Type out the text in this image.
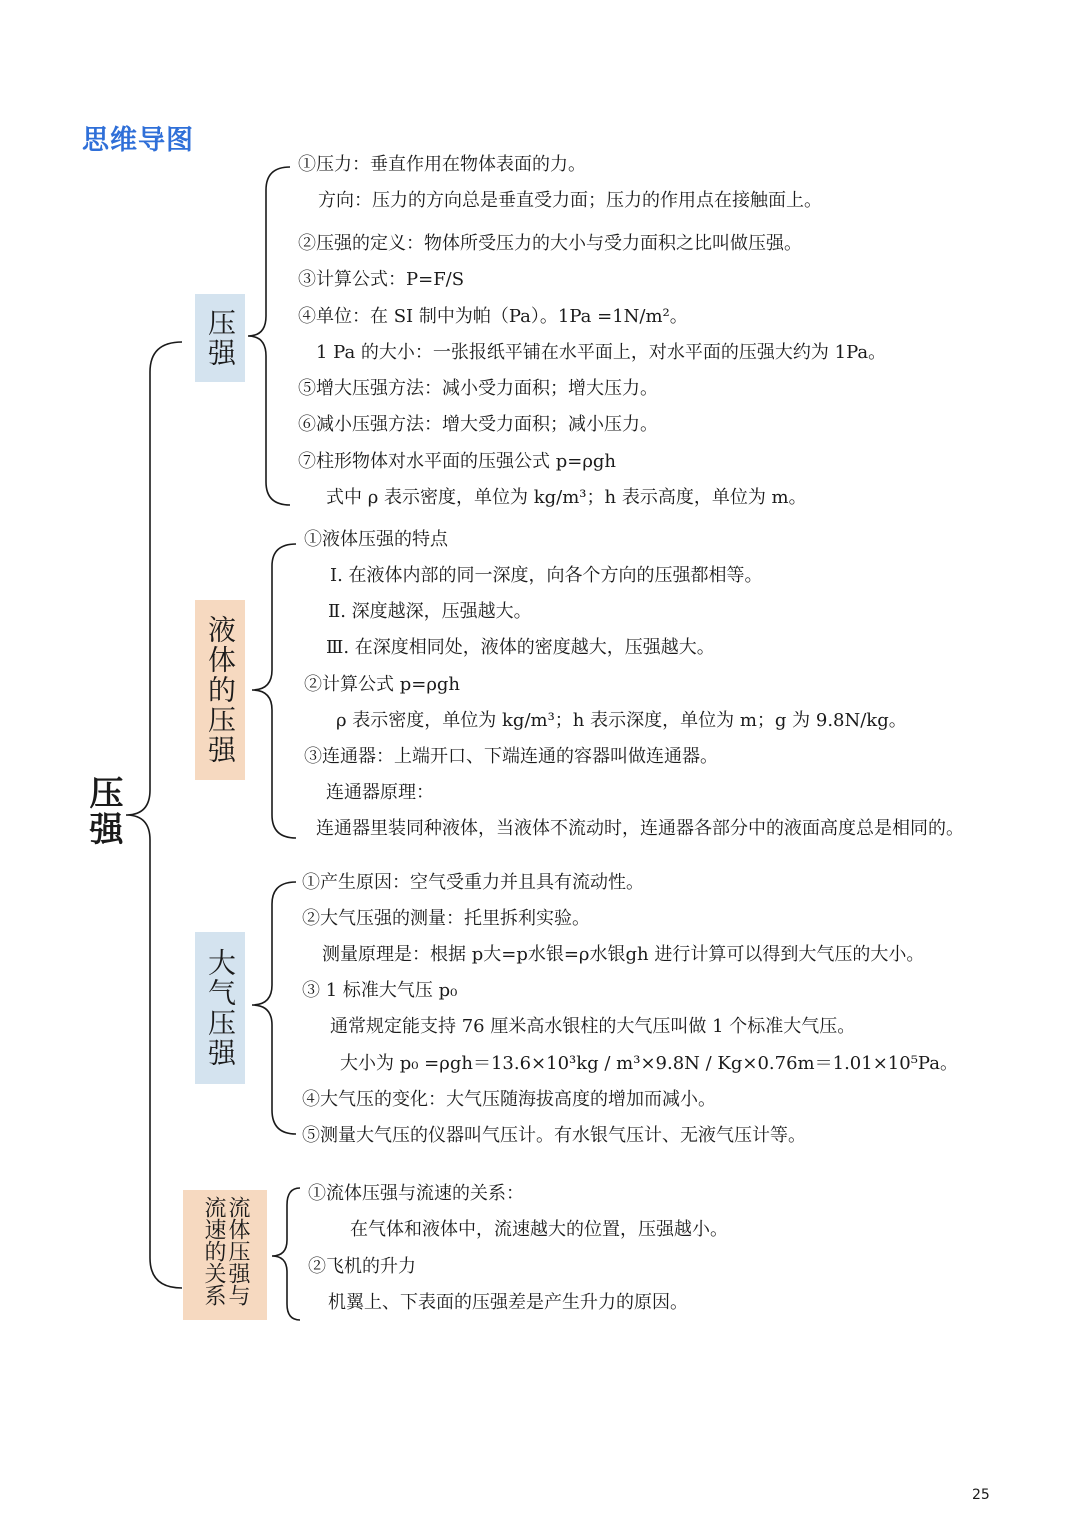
思维导图
压强
压强
液体的压强
大气压强
流体压强与流速的关系
①压力：垂直作用在物体表面的力。
方向：压力的方向总是垂直受力面；压力的作用点在接触面上。
②压强的定义：物体所受压力的大小与受力面积之比叫做压强。
③计算公式：P=F/S
④单位：在 SI 制中为帕（Pa）。1Pa =1N/m²。
1 Pa 的大小：一张报纸平铺在水平面上，对水平面的压强大约为 1Pa。
⑤增大压强方法：减小受力面积；增大压力。
⑥减小压强方法：增大受力面积；减小压力。
⑦柱形物体对水平面的压强公式 p=ρgh
式中 ρ 表示密度，单位为 kg/m³；h 表示高度，单位为 m。
①液体压强的特点
Ⅰ. 在液体内部的同一深度，向各个方向的压强都相等。
Ⅱ. 深度越深，压强越大。
Ⅲ. 在深度相同处，液体的密度越大，压强越大。
②计算公式 p=ρgh
ρ 表示密度，单位为 kg/m³；h 表示深度，单位为 m；g 为 9.8N/kg。
③连通器：上端开口、下端连通的容器叫做连通器。
连通器原理：
连通器里装同种液体，当液体不流动时，连通器各部分中的液面高度总是相同的。
①产生原因：空气受重力并且具有流动性。
②大气压强的测量：托里拆利实验。
测量原理是：根据 p大=p水银=ρ水银gh 进行计算可以得到大气压的大小。
③ 1 标准大气压 p₀
通常规定能支持 76 厘米高水银柱的大气压叫做 1 个标准大气压。
大小为 p₀ =ρgh＝13.6×10³kg / m³×9.8N / Kg×0.76m＝1.01×10⁵Pa。
④大气压的变化：大气压随海拔高度的增加而减小。
⑤测量大气压的仪器叫气压计。有水银气压计、无液气压计等。
①流体压强与流速的关系：
在气体和液体中，流速越大的位置，压强越小。
②飞机的升力
机翼上、下表面的压强差是产生升力的原因。
25
